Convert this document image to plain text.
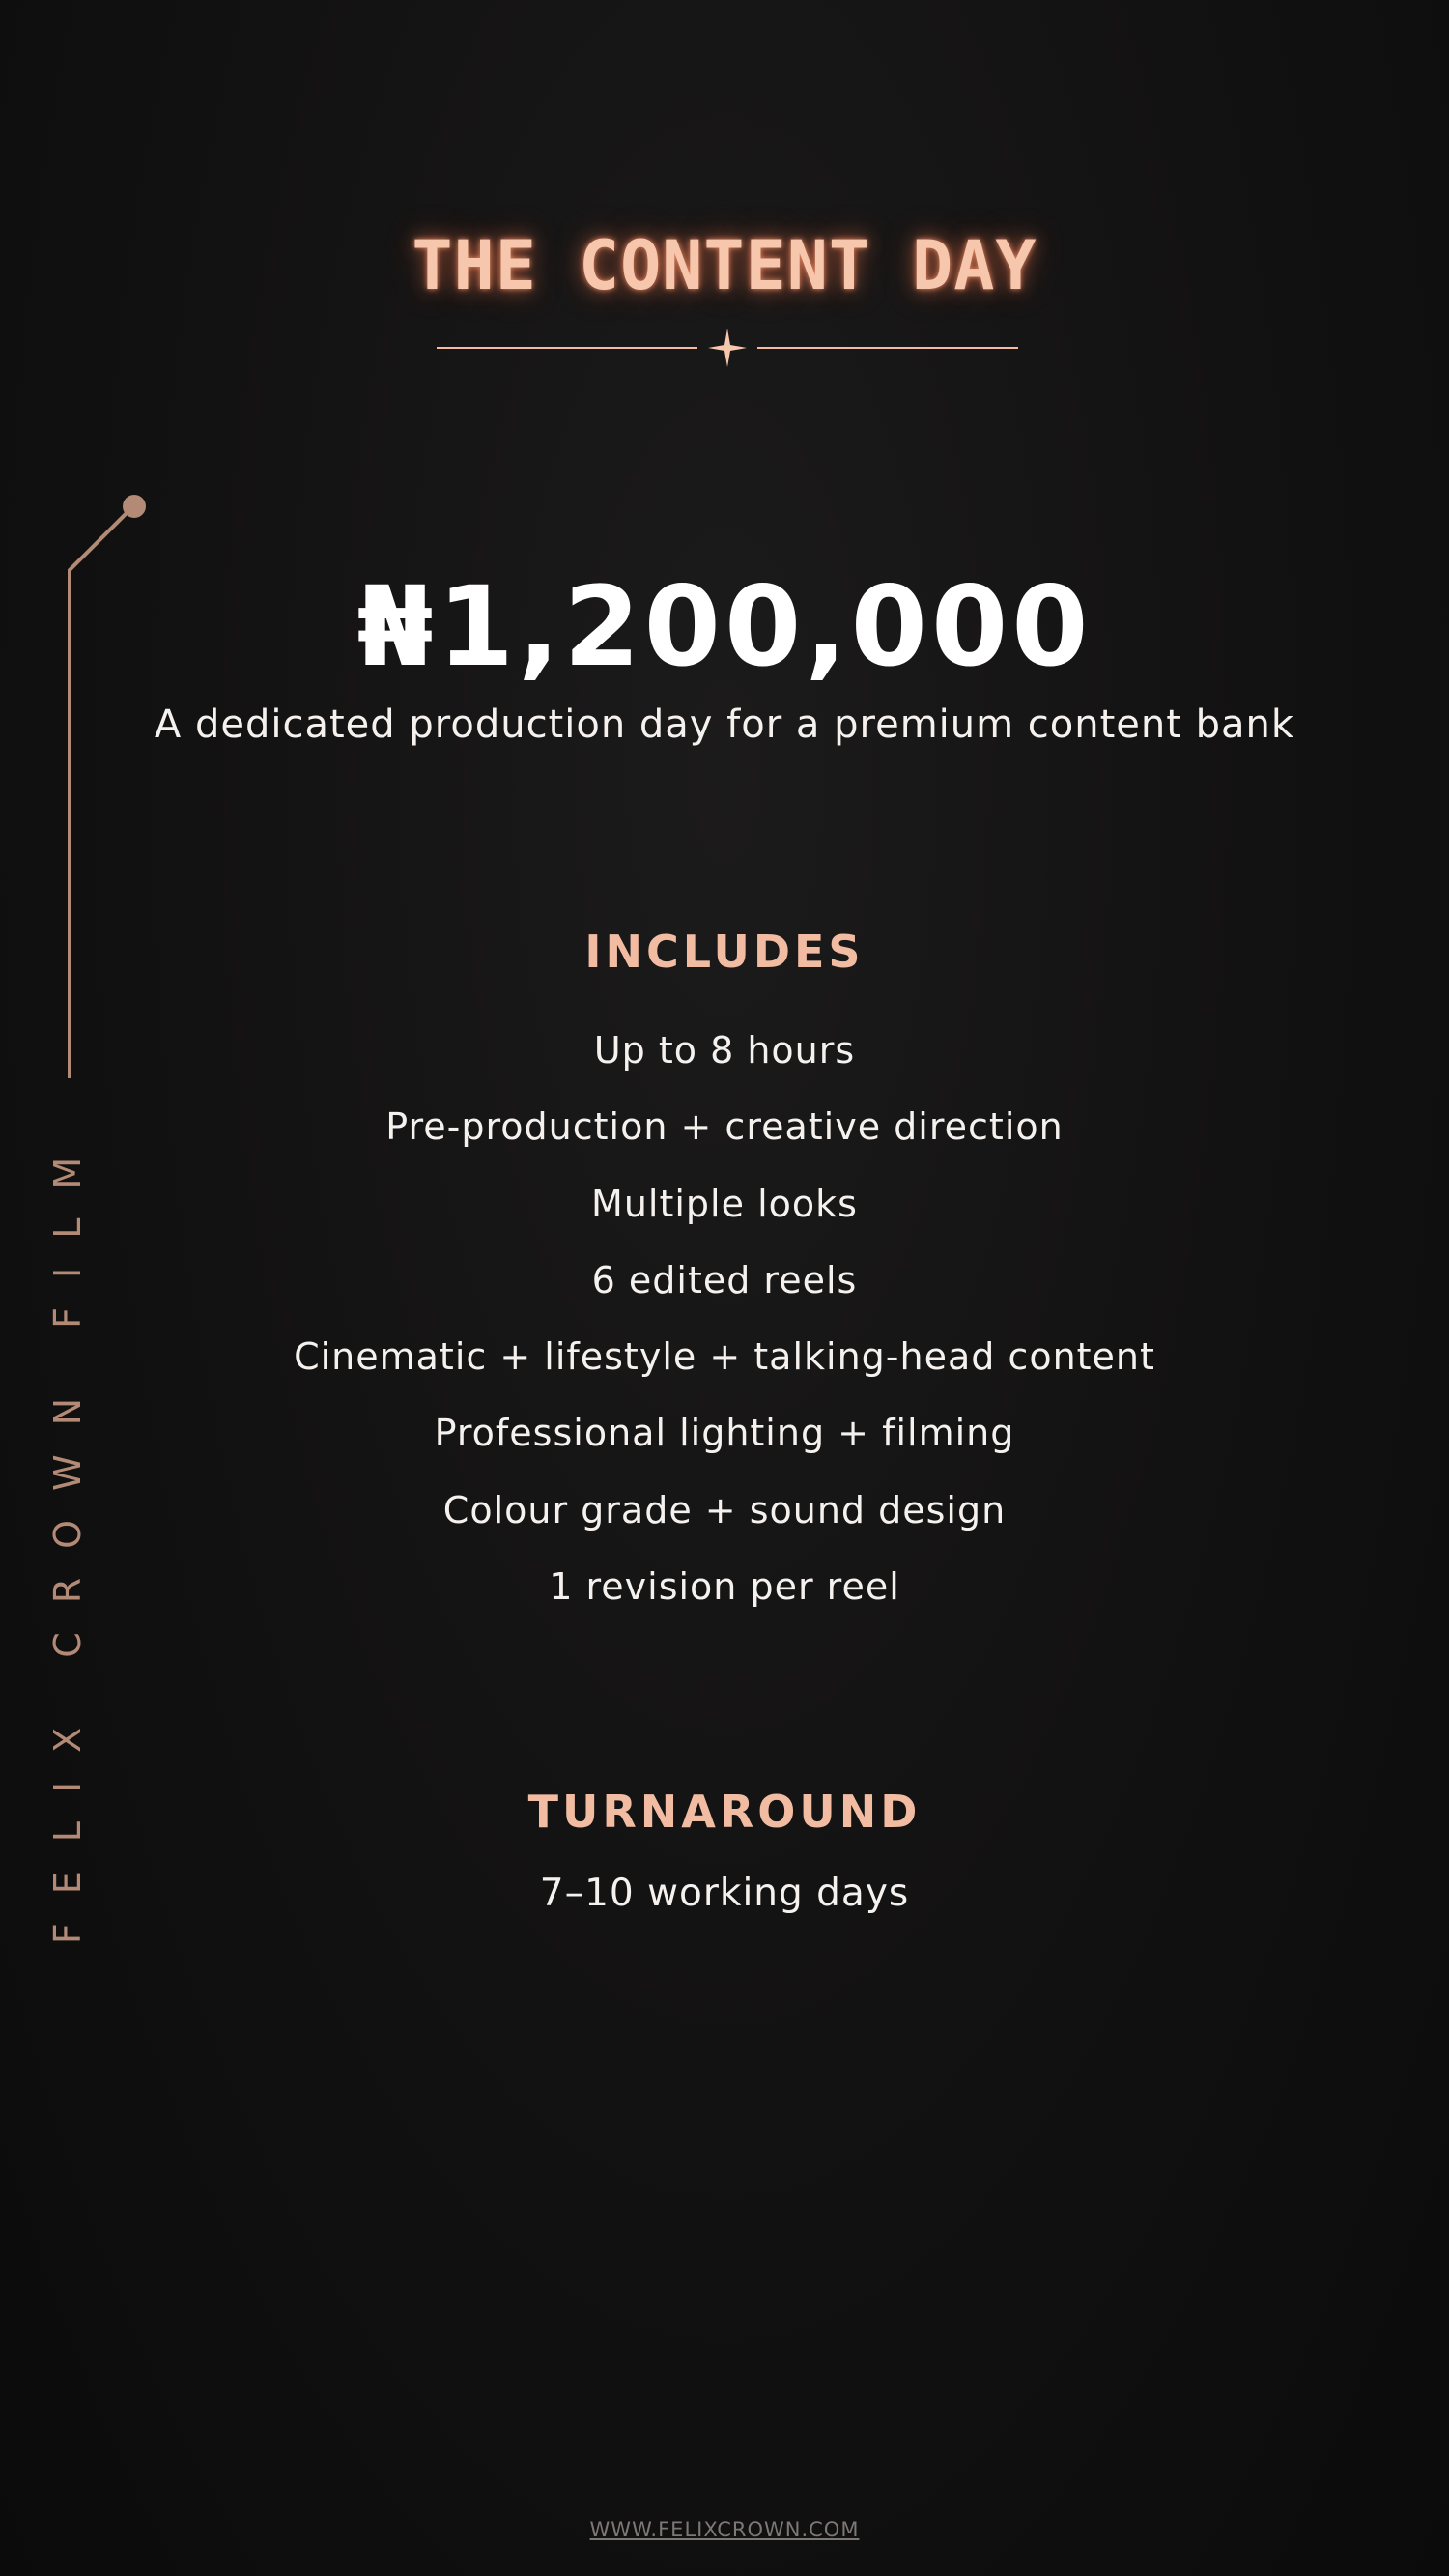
THE CONTENT DAY
FELIX CROWN FILM
₦1,200,000
A dedicated production day for a premium content bank
INCLUDES
Up to 8 hours
Pre-production + creative direction
Multiple looks
6 edited reels
Cinematic + lifestyle + talking-head content
Professional lighting + filming
Colour grade + sound design
1 revision per reel
TURNAROUND
7–10 working days
WWW.FELIXCROWN.COM
